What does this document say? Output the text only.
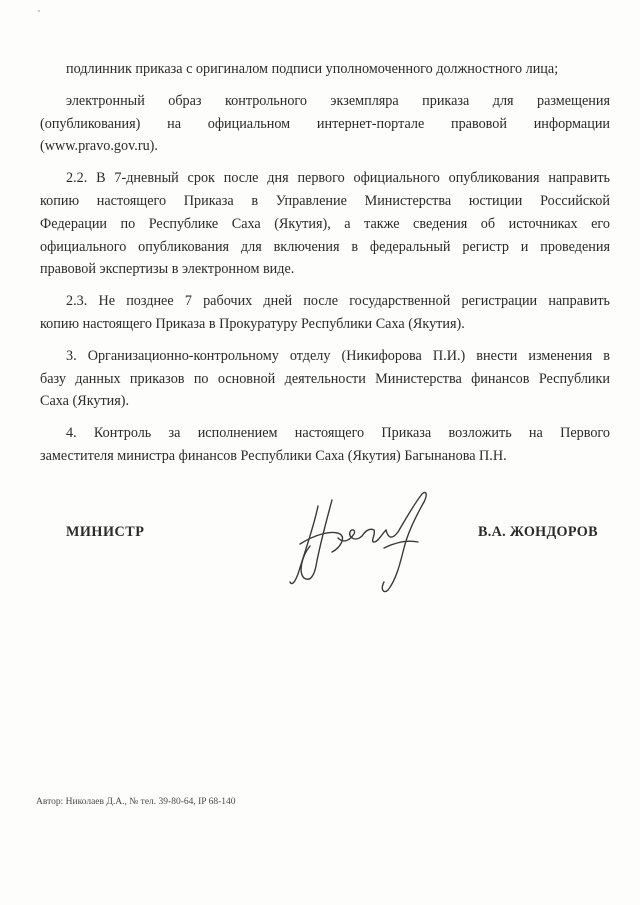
подлинник приказа с оригиналом подписи уполномоченного должностного лица;
электронный образ контрольного экземпляра приказа для размещения
(опубликования) на официальном интернет-портале правовой информации
(www.pravo.gov.ru).
2.2. В 7-дневный срок после дня первого официального опубликования направить
копию настоящего Приказа в Управление Министерства юстиции Российской
Федерации по Республике Саха (Якутия), а также сведения об источниках его
официального опубликования для включения в федеральный регистр и проведения
правовой экспертизы в электронном виде.
2.3. Не позднее 7 рабочих дней после государственной регистрации направить
копию настоящего Приказа в Прокуратуру Республики Саха (Якутия).
3. Организационно-контрольному отделу (Никифорова П.И.) внести изменения в
базу данных приказов по основной деятельности Министерства финансов Республики
Саха (Якутия).
4. Контроль за исполнением настоящего Приказа возложить на Первого
заместителя министра финансов Республики Саха (Якутия) Багынанова П.Н.
МИНИСТР	В.А. ЖОНДОРОВ
Автор: Николаев Д.А., № тел. 39-80-64, IP 68-140
